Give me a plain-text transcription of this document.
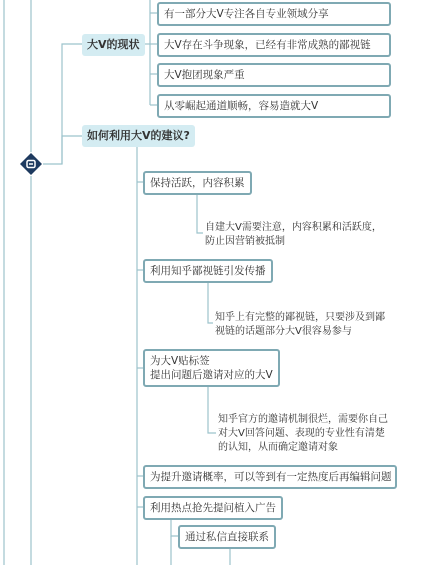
大V的现状
有一部分大V专注各自专业领域分享
大V存在斗争现象，已经有非常成熟的鄙视链
大V抱团现象严重
从零崛起通道顺畅，容易造就大V
如何利用大V的建议?
保持活跃，内容积累
自建大V需要注意，内容积累和活跃度，防止因营销被抵制
利用知乎鄙视链引发传播
知乎上有完整的鄙视链，只要涉及到鄙视链的话题部分大V很容易参与
为大V贴标签
提出问题后邀请对应的大V
知乎官方的邀请机制很烂，需要你自己对大V回答问题、表现的专业性有清楚的认知，从而确定邀请对象
为提升邀请概率，可以等到有一定热度后再编辑问题
利用热点抢先提问植入广告
通过私信直接联系
